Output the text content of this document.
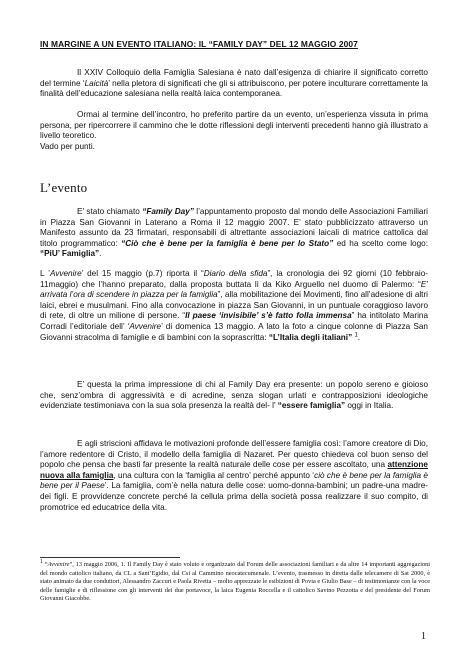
IN MARGINE A UN EVENTO ITALIANO: IL “FAMILY DAY” DEL 12 MAGGIO 2007

Il XXIV Colloquio della Famiglia Salesiana è nato dall’esigenza di chiarire il significato corretto del termine ‘Laicità’ nella pletora di significati che gli si attribuiscono, per potere inculturare correttamente la finalità dell’educazione salesiana nella realtà laica contemporanea.

Ormai al termine dell’incontro, ho preferito partire da un evento, un’esperienza vissuta in prima persona, per ripercorrere il cammino che le dotte riflessioni degli interventi precedenti hanno già illustrato a livello teoretico.

Vado per punti.

L’evento

E’ stato chiamato “Family Day” l’appuntamento proposto dal mondo delle Associazioni Familiari in Piazza San Giovanni in Laterano a Roma il 12 maggio 2007. E’ stato pubblicizzato attraverso un Manifesto assunto da 23 firmatari, responsabili di altrettante associazioni laicali di matrice cattolica dal titolo programmatico: “Ciò che è bene per la famiglia è bene per lo Stato” ed ha scelto come logo: “PiU’ Famiglia”.

L ’Avvenire’ del 15 maggio (p.7) riporta il “Diario della sfida”, la cronologia dei 92 giorni (10 febbraio-11maggio) che l’hanno preparato, dalla proposta buttata lì da Kiko Arguello nel duomo di Palermo: “E’ arrivata l’ora di scendere in piazza per la famiglia”, alla mobilitazione dei Movimenti, fino all’adesione di altri laici, ebrei e musulmani. Fino alla convocazione in piazza San Giovanni, in un puntuale coraggioso lavoro di rete, di oltre un milione di persone. “Il paese ‘invisibile’ s’è fatto folla immensa” ha intitolato Marina Corradi l’editoriale dell’ ‘Avvenire’ di domenica 13 maggio. A lato la foto a cinque colonne di Piazza San Giovanni stracolma di famiglie e di bambini con la soprascritta: “L’Italia degli italiani” $^1$.

E’ questa la prima impressione di chi al Family Day era presente: un popolo sereno e gioioso che, senz’ombra di aggressività e di acredine, senza slogan urlati e contrapposizioni ideologiche evidenziate testimoniava con la sua sola presenza la realtà del- l’ “essere famiglia” oggi in Italia.

E agli striscioni affidava le motivazioni profonde dell’essere famiglia così: l’amore creatore di Dio, l’amore redentore di Cristo, il modello della famiglia di Nazaret. Per questo chiedeva col buon senso del popolo che pensa che basti far presente la realtà naturale delle cose per essere ascoltato, una attenzione nuova alla famiglia, una cultura con la ‘famiglia al centro’ perché appunto ‘ciò che è bene per la famiglia è bene per il Paese’. La famiglia, com’è nella natura delle cose: uomo-donna-bambini; un padre-una madre-dei figli. E provvidenze concrete perché la cellula prima della società possa realizzare il suo compito, di promotrice ed educatrice della vita.

$^1$ “Avvenire”, 13 maggio 2006, 1. Il Family Day è stato voluto e organizzato dal Forum delle associazioni familiari e da altre 14 importanti aggregazioni del mondo cattolico italiano, da CL a Sant’Egidio, dal Csi al Cammino neocatecumenale. L’evento, trasmesso in diretta dalle telecamere di Sat 2000, è stato animato da due conduttori, Alessandro Zaccuri e Paola Rivetta – molto apprezzate le esibizioni di Povia e Giulio Base – di testimonianze con la voce delle famiglie e di riflessione con gli interventi dei due portavoce, la laica Eugenia Roccella e il cattolico Savino Pezzotta e del presidente del Forum Giovanni Giacobbe.

1
